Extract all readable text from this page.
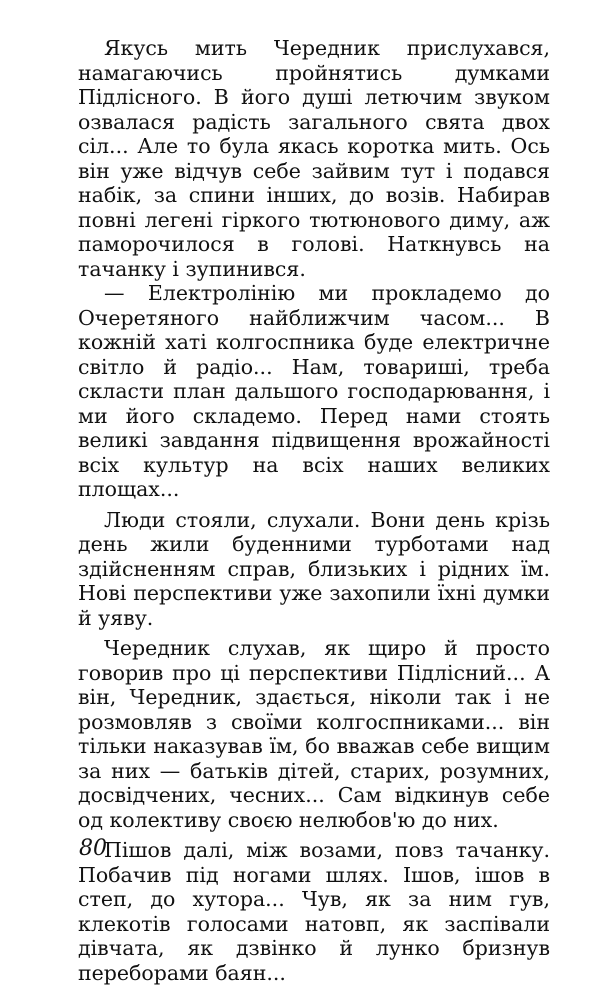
Якусь мить Чередник прислухався, намагаючись пройнятись думками Підлісного. В його душі летючим звуком озвалася радість загального свята двох сіл... Але то була якась коротка мить. Ось він уже відчув себе зайвим тут і подався набік, за спини інших, до возів. Набирав повні легені гіркого тютюнового диму, аж паморочилося в голові. Наткнувсь на тачанку і зупинився.

— Електролінію ми прокладемо до Очеретяного найближчим часом... В кожній хаті колгоспника буде електричне світло й радіо... Нам, товариші, треба скласти план дальшого господарювання, і ми його складемо. Перед нами стоять великі завдання підвищення врожайності всіх культур на всіх наших великих площах...

Люди стояли, слухали. Вони день крізь день жили буденними турботами над здійсненням справ, близьких і рідних їм. Нові перспективи уже захопили їхні думки й уяву.

Чередник слухав, як щиро й просто говорив про ці перспективи Підлісний... А він, Чередник, здається, ніколи так і не розмовляв з своїми колгоспниками... він тільки наказував їм, бо вважав себе вищим за них — батьків дітей, старих, розумних, досвідчених, чесних... Сам відкинув себе од колективу своєю нелюбов'ю до них.

Пішов далі, між возами, повз тачанку. Побачив під ногами шлях. Ішов, ішов в степ, до хутора... Чув, як за ним гув, клекотів голосами натовп, як заспівали дівчата, як дзвінко й лунко бризнув переборами баян...

80
